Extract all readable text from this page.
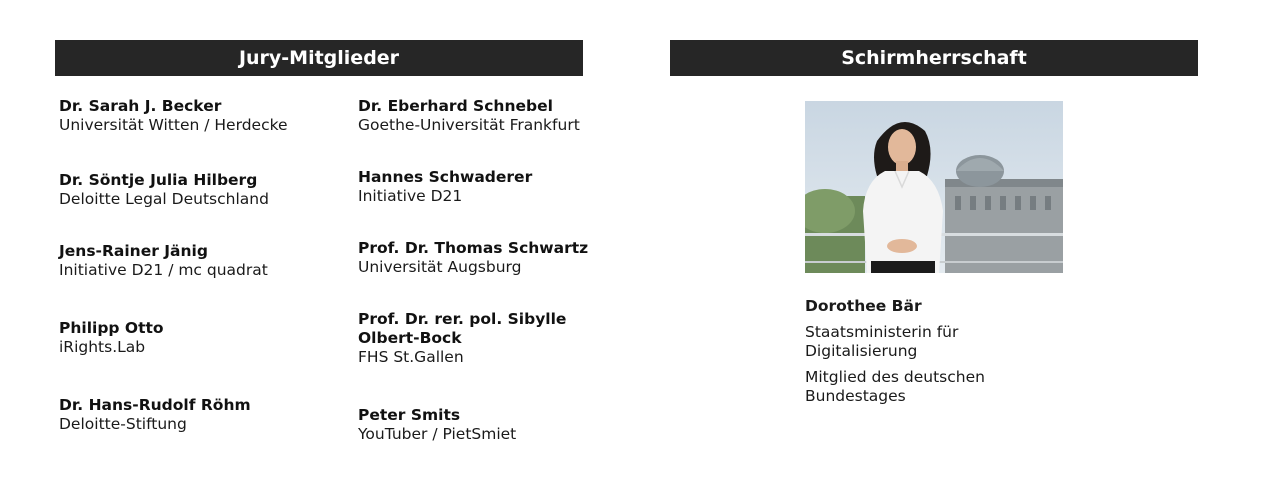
Jury-Mitglieder	Schirmherrschaft
Dr. Sarah J. Becker
Universität Witten / Herdecke
Dr. Söntje Julia Hilberg
Deloitte Legal Deutschland
Jens-Rainer Jänig
Initiative D21 / mc quadrat
Philipp Otto
iRights.Lab
Dr. Hans-Rudolf Röhm
Deloitte-Stiftung
Dr. Eberhard Schnebel
Goethe-Universität Frankfurt
Hannes Schwaderer
Initiative D21
Prof. Dr. Thomas Schwartz
Universität Augsburg
Prof. Dr. rer. pol. Sibylle Olbert-Bock
FHS St.Gallen
Peter Smits
YouTuber / PietSmiet
Dorothee Bär
Staatsministerin für Digitalisierung
Mitglied des deutschen Bundestages
